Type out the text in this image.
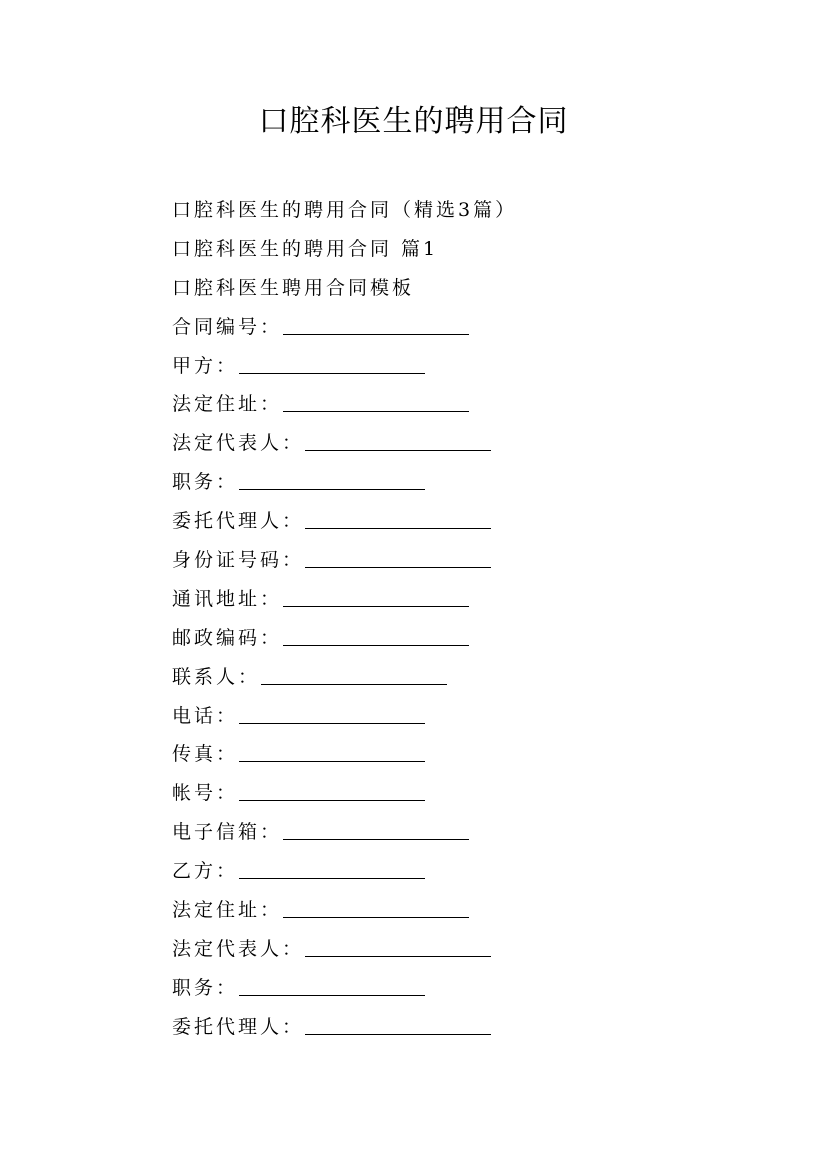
口腔科医生的聘用合同
口腔科医生的聘用合同（精选3篇）
口腔科医生的聘用合同 篇1
口腔科医生聘用合同模板
合同编号：
甲方：
法定住址：
法定代表人：
职务：
委托代理人：
身份证号码：
通讯地址：
邮政编码：
联系人：
电话：
传真：
帐号：
电子信箱：
乙方：
法定住址：
法定代表人：
职务：
委托代理人：
